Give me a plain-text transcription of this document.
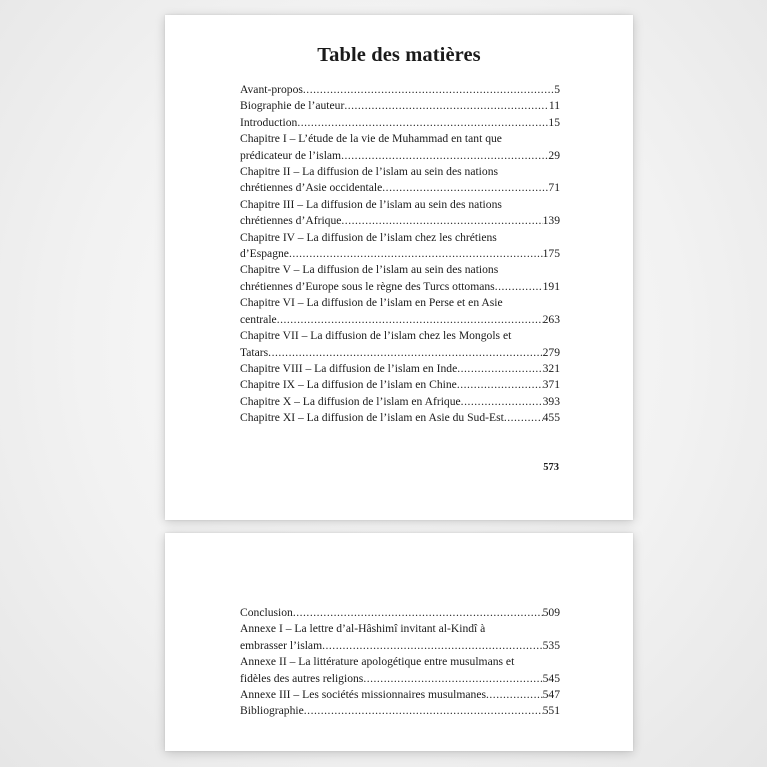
Table des matières
Avant-propos .....	5
Biographie de l’auteur .....	11
Introduction .....	15
Chapitre I – L’étude de la vie de Muhammad en tant que
prédicateur de l’islam .....	29
Chapitre II – La diffusion de l’islam au sein des nations
chrétiennes d’Asie occidentale .....	71
Chapitre III – La diffusion de l’islam au sein des nations
chrétiennes d’Afrique .....	139
Chapitre IV – La diffusion de l’islam chez les chrétiens
d’Espagne .....	175
Chapitre V – La diffusion de l’islam au sein des nations
chrétiennes d’Europe sous le règne des Turcs ottomans .....	191
Chapitre VI – La diffusion de l’islam en Perse et en Asie
centrale .....	263
Chapitre VII – La diffusion de l’islam chez les Mongols et
Tatars .....	279
Chapitre VIII – La diffusion de l’islam en Inde .....	321
Chapitre IX – La diffusion de l’islam en Chine .....	371
Chapitre X – La diffusion de l’islam en Afrique .....	393
Chapitre XI – La diffusion de l’islam en Asie du Sud-Est .....	455
573
Conclusion .....	509
Annexe I – La lettre d’al-Hâshimî invitant al-Kindî à
embrasser l’islam .....	535
Annexe II – La littérature apologétique entre musulmans et
fidèles des autres religions .....	545
Annexe III – Les sociétés missionnaires musulmanes .....	547
Bibliographie .....	551
